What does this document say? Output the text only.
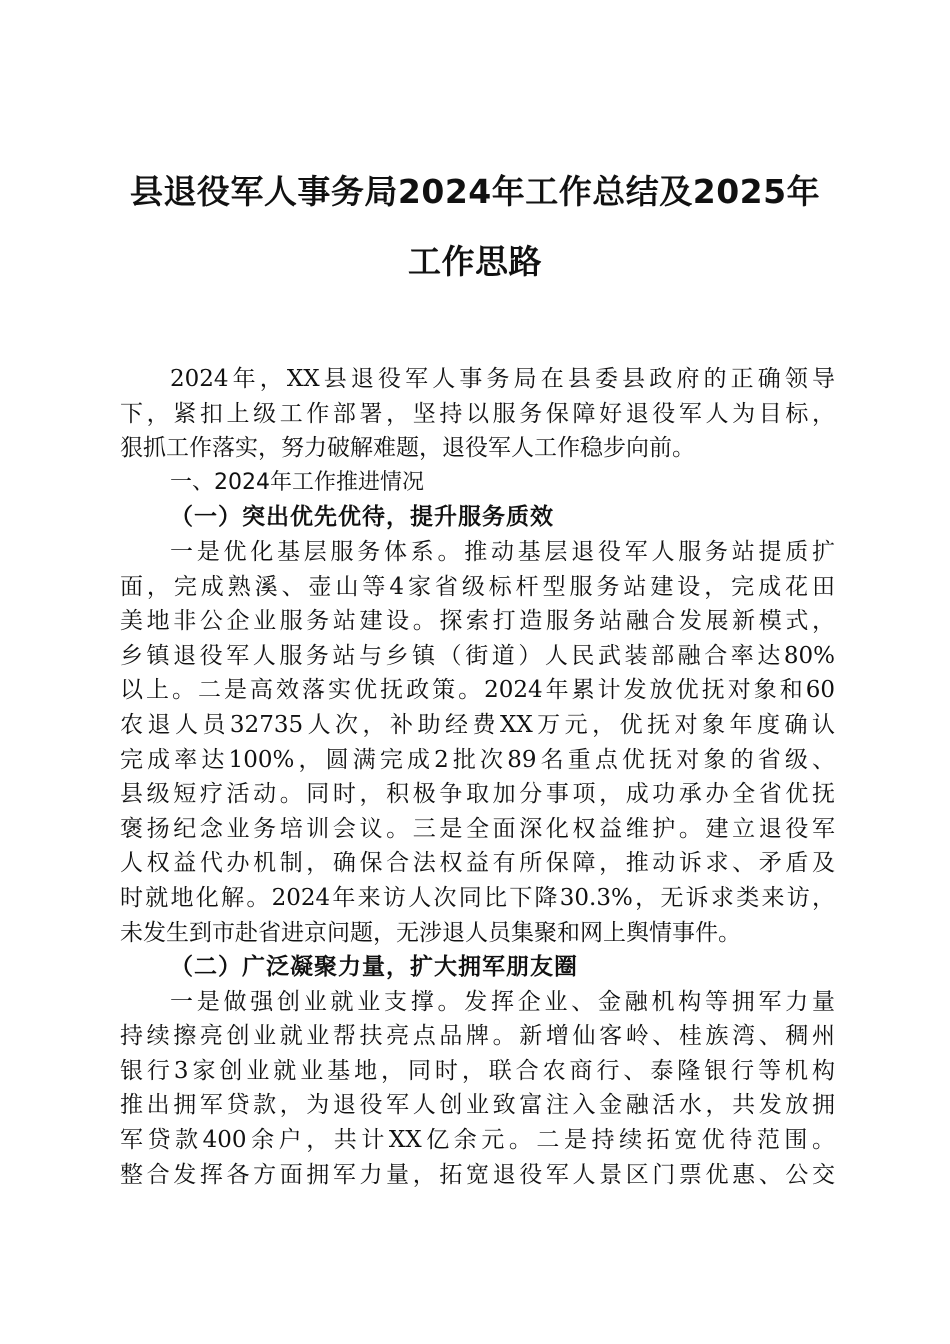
县退役军人事务局2024年工作总结及2025年
工作思路

2024年，XX县退役军人事务局在县委县政府的正确领导

下，紧扣上级工作部署，坚持以服务保障好退役军人为目标，

狠抓工作落实，努力破解难题，退役军人工作稳步向前。

一、2024年工作推进情况

（一）突出优先优待，提升服务质效

一是优化基层服务体系。推动基层退役军人服务站提质扩

面，完成熟溪、壶山等4家省级标杆型服务站建设，完成花田

美地非公企业服务站建设。探索打造服务站融合发展新模式，

乡镇退役军人服务站与乡镇（街道）人民武装部融合率达80%

以上。二是高效落实优抚政策。2024年累计发放优抚对象和60

农退人员32735人次，补助经费XX万元，优抚对象年度确认

完成率达100%，圆满完成2批次89名重点优抚对象的省级、

县级短疗活动。同时，积极争取加分事项，成功承办全省优抚

褒扬纪念业务培训会议。三是全面深化权益维护。建立退役军

人权益代办机制，确保合法权益有所保障，推动诉求、矛盾及

时就地化解。2024年来访人次同比下降30.3%，无诉求类来访，

未发生到市赴省进京问题，无涉退人员集聚和网上舆情事件。

（二）广泛凝聚力量，扩大拥军朋友圈

一是做强创业就业支撑。发挥企业、金融机构等拥军力量

持续擦亮创业就业帮扶亮点品牌。新增仙客岭、桂族湾、稠州

银行3家创业就业基地，同时，联合农商行、泰隆银行等机构

推出拥军贷款，为退役军人创业致富注入金融活水，共发放拥

军贷款400余户，共计XX亿余元。二是持续拓宽优待范围。

整合发挥各方面拥军力量，拓宽退役军人景区门票优惠、公交
